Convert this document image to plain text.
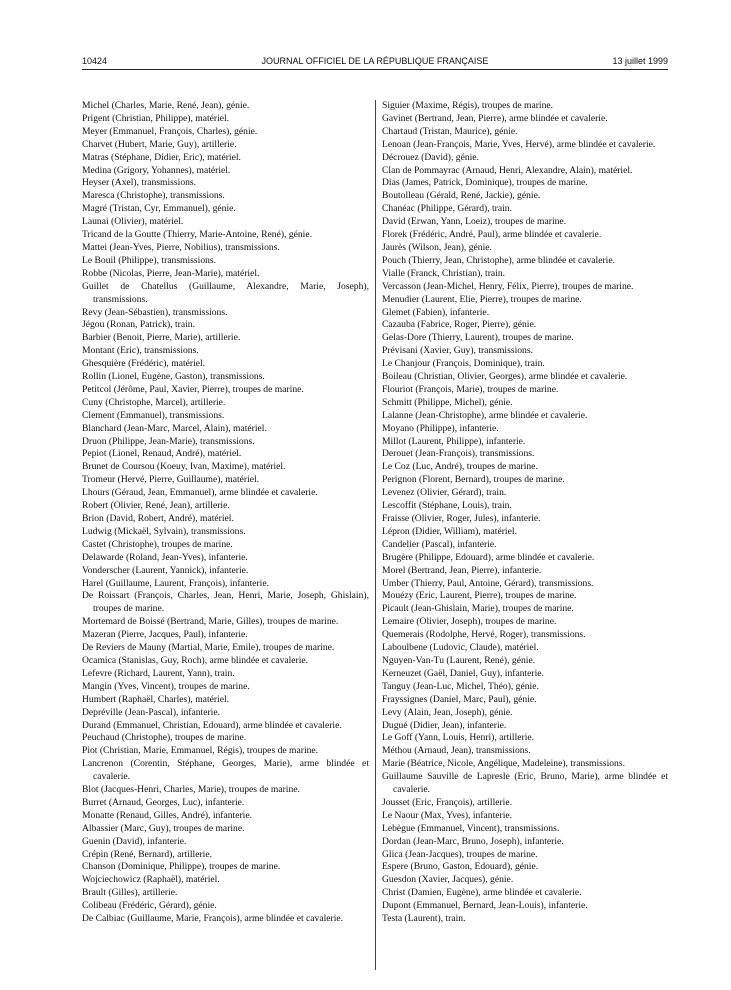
10424	JOURNAL OFFICIEL DE LA RÉPUBLIQUE FRANÇAISE	13 juillet 1999
Michel (Charles, Marie, René, Jean), génie.
Prigent (Christian, Philippe), matériel.
Meyer (Emmanuel, François, Charles), génie.
Charvet (Hubert, Marie, Guy), artillerie.
Matras (Stéphane, Didier, Eric), matériel.
Medina (Grigory, Yohannes), matériel.
Heyser (Axel), transmissions.
Maresca (Christophe), transmissions.
Magré (Tristan, Cyr, Emmanuel), génie.
Launai (Olivier), matériel.
Tricand de la Goutte (Thierry, Marie-Antoine, René), génie.
Mattei (Jean-Yves, Pierre, Nobilius), transmissions.
Le Bouil (Philippe), transmissions.
Robbe (Nicolas, Pierre, Jean-Marie), matériel.
Guillet de Chatellus (Guillaume, Alexandre, Marie, Joseph), transmissions.
Revy (Jean-Sébastien), transmissions.
Jégou (Ronan, Patrick), train.
Barbier (Benoit, Pierre, Marie), artillerie.
Montant (Eric), transmissions.
Ghesquière (Frédéric), matériel.
Rollin (Lionel, Eugène, Gaston), transmissions.
Petitcol (Jérôme, Paul, Xavier, Pierre), troupes de marine.
Cuny (Christophe, Marcel), artillerie.
Clement (Emmanuel), transmissions.
Blanchard (Jean-Marc, Marcel, Alain), matériel.
Druon (Philippe, Jean-Marie), transmissions.
Pepiot (Lionel, Renaud, André), matériel.
Brunet de Coursou (Koeuy, Ivan, Maxime), matériel.
Tromeur (Hervé, Pierre, Guillaume), matériel.
Lhours (Géraud, Jean, Emmanuel), arme blindée et cavalerie.
Robert (Olivier, René, Jean), artillerie.
Brion (David, Robert, André), matériel.
Ludwig (Mickaël, Sylvain), transmissions.
Castet (Christophe), troupes de marine.
Delawarde (Roland, Jean-Yves), infanterie.
Vonderscher (Laurent, Yannick), infanterie.
Harel (Guillaume, Laurent, François), infanterie.
De Roissart (François, Charles, Jean, Henri, Marie, Joseph, Ghislain), troupes de marine.
Mortemard de Boissé (Bertrand, Marie, Gilles), troupes de marine.
Mazeran (Pierre, Jacques, Paul), infanterie.
De Reviers de Mauny (Martial, Marie, Emile), troupes de marine.
Ocamica (Stanislas, Guy, Roch), arme blindée et cavalerie.
Lefevre (Richard, Laurent, Yann), train.
Mangin (Yves, Vincent), troupes de marine.
Humbert (Raphaël, Charles), matériel.
Depréville (Jean-Pascal), infanterie.
Durand (Emmanuel, Christian, Edouard), arme blindée et cavalerie.
Peuchaud (Christophe), troupes de marine.
Piot (Christian, Marie, Emmanuel, Régis), troupes de marine.
Lancrenon (Corentin, Stéphane, Georges, Marie), arme blindée et cavalerie.
Blot (Jacques-Henri, Charles, Marie), troupes de marine.
Burret (Arnaud, Georges, Luc), infanterie.
Monatte (Renaud, Gilles, André), infanterie.
Albassier (Marc, Guy), troupes de marine.
Guenin (David), infanterie.
Crépin (René, Bernard), artillerie.
Chanson (Dominique, Philippe), troupes de marine.
Wojciechowicz (Raphaël), matériel.
Brault (Gilles), artillerie.
Colibeau (Frédéric, Gérard), génie.
De Calbiac (Guillaume, Marie, François), arme blindée et cavalerie.
Siguier (Maxime, Régis), troupes de marine.
Gavinet (Bertrand, Jean, Pierre), arme blindée et cavalerie.
Chartaud (Tristan, Maurice), génie.
Lenoan (Jean-François, Marie, Yves, Hervé), arme blindée et cavalerie.
Décrouez (David), génie.
Clan de Pommayrac (Arnaud, Henri, Alexandre, Alain), matériel.
Dias (James, Patrick, Dominique), troupes de marine.
Boutolleau (Gérald, René, Jackie), génie.
Chanéac (Philippe, Gérard), train.
David (Erwan, Yann, Loeiz), troupes de marine.
Florek (Frédéric, André, Paul), arme blindée et cavalerie.
Jaurès (Wilson, Jean), génie.
Pouch (Thierry, Jean, Christophe), arme blindée et cavalerie.
Vialle (Franck, Christian), train.
Vercasson (Jean-Michel, Henry, Félix, Pierre), troupes de marine.
Menudier (Laurent, Elie, Pierre), troupes de marine.
Glemet (Fabien), infanterie.
Cazauba (Fabrice, Roger, Pierre), génie.
Gelas-Dore (Thierry, Laurent), troupes de marine.
Prévisani (Xavier, Guy), transmissions.
Le Chanjour (François, Dominique), train.
Boileau (Christian, Olivier, Georges), arme blindée et cavalerie.
Flouriot (François, Marie), troupes de marine.
Schmitt (Philippe, Michel), génie.
Lalanne (Jean-Christophe), arme blindée et cavalerie.
Moyano (Philippe), infanterie.
Millot (Laurent, Philippe), infanterie.
Derouet (Jean-François), transmissions.
Le Coz (Luc, André), troupes de marine.
Perignon (Florent, Bernard), troupes de marine.
Levenez (Olivier, Gérard), train.
Lescoffit (Stéphane, Louis), train.
Fraisse (Olivier, Roger, Jules), infanterie.
Lépron (Didier, William), matériel.
Candelier (Pascal), infanterie.
Brugère (Philippe, Edouard), arme blindée et cavalerie.
Morel (Bertrand, Jean, Pierre), infanterie.
Umber (Thierry, Paul, Antoine, Gérard), transmissions.
Mouézy (Eric, Laurent, Pierre), troupes de marine.
Picault (Jean-Ghislain, Marie), troupes de marine.
Lemaire (Olivier, Joseph), troupes de marine.
Quemerais (Rodolphe, Hervé, Roger), transmissions.
Laboulbene (Ludovic, Claude), matériel.
Nguyen-Van-Tu (Laurent, René), génie.
Kerneuzet (Gaël, Daniel, Guy), infanterie.
Tanguy (Jean-Luc, Michel, Théo), génie.
Frayssignes (Daniel, Marc, Paul), génie.
Levy (Alain, Jean, Joseph), génie.
Dugué (Didier, Jean), infanterie.
Le Goff (Yann, Louis, Henri), artillerie.
Méthou (Arnaud, Jean), transmissions.
Marie (Béatrice, Nicole, Angélique, Madeleine), transmissions.
Guillaume Sauville de Lapresle (Eric, Bruno, Marie), arme blindée et cavalerie.
Jousset (Eric, François), artillerie.
Le Naour (Max, Yves), infanterie.
Lebègue (Emmanuel, Vincent), transmissions.
Dordan (Jean-Marc, Bruno, Joseph), infanterie.
Glica (Jean-Jacques), troupes de marine.
Espere (Bruno, Gaston, Edouard), génie.
Guesdon (Xavier, Jacques), génie.
Christ (Damien, Eugène), arme blindée et cavalerie.
Dupont (Emmanuel, Bernard, Jean-Louis), infanterie.
Testa (Laurent), train.
